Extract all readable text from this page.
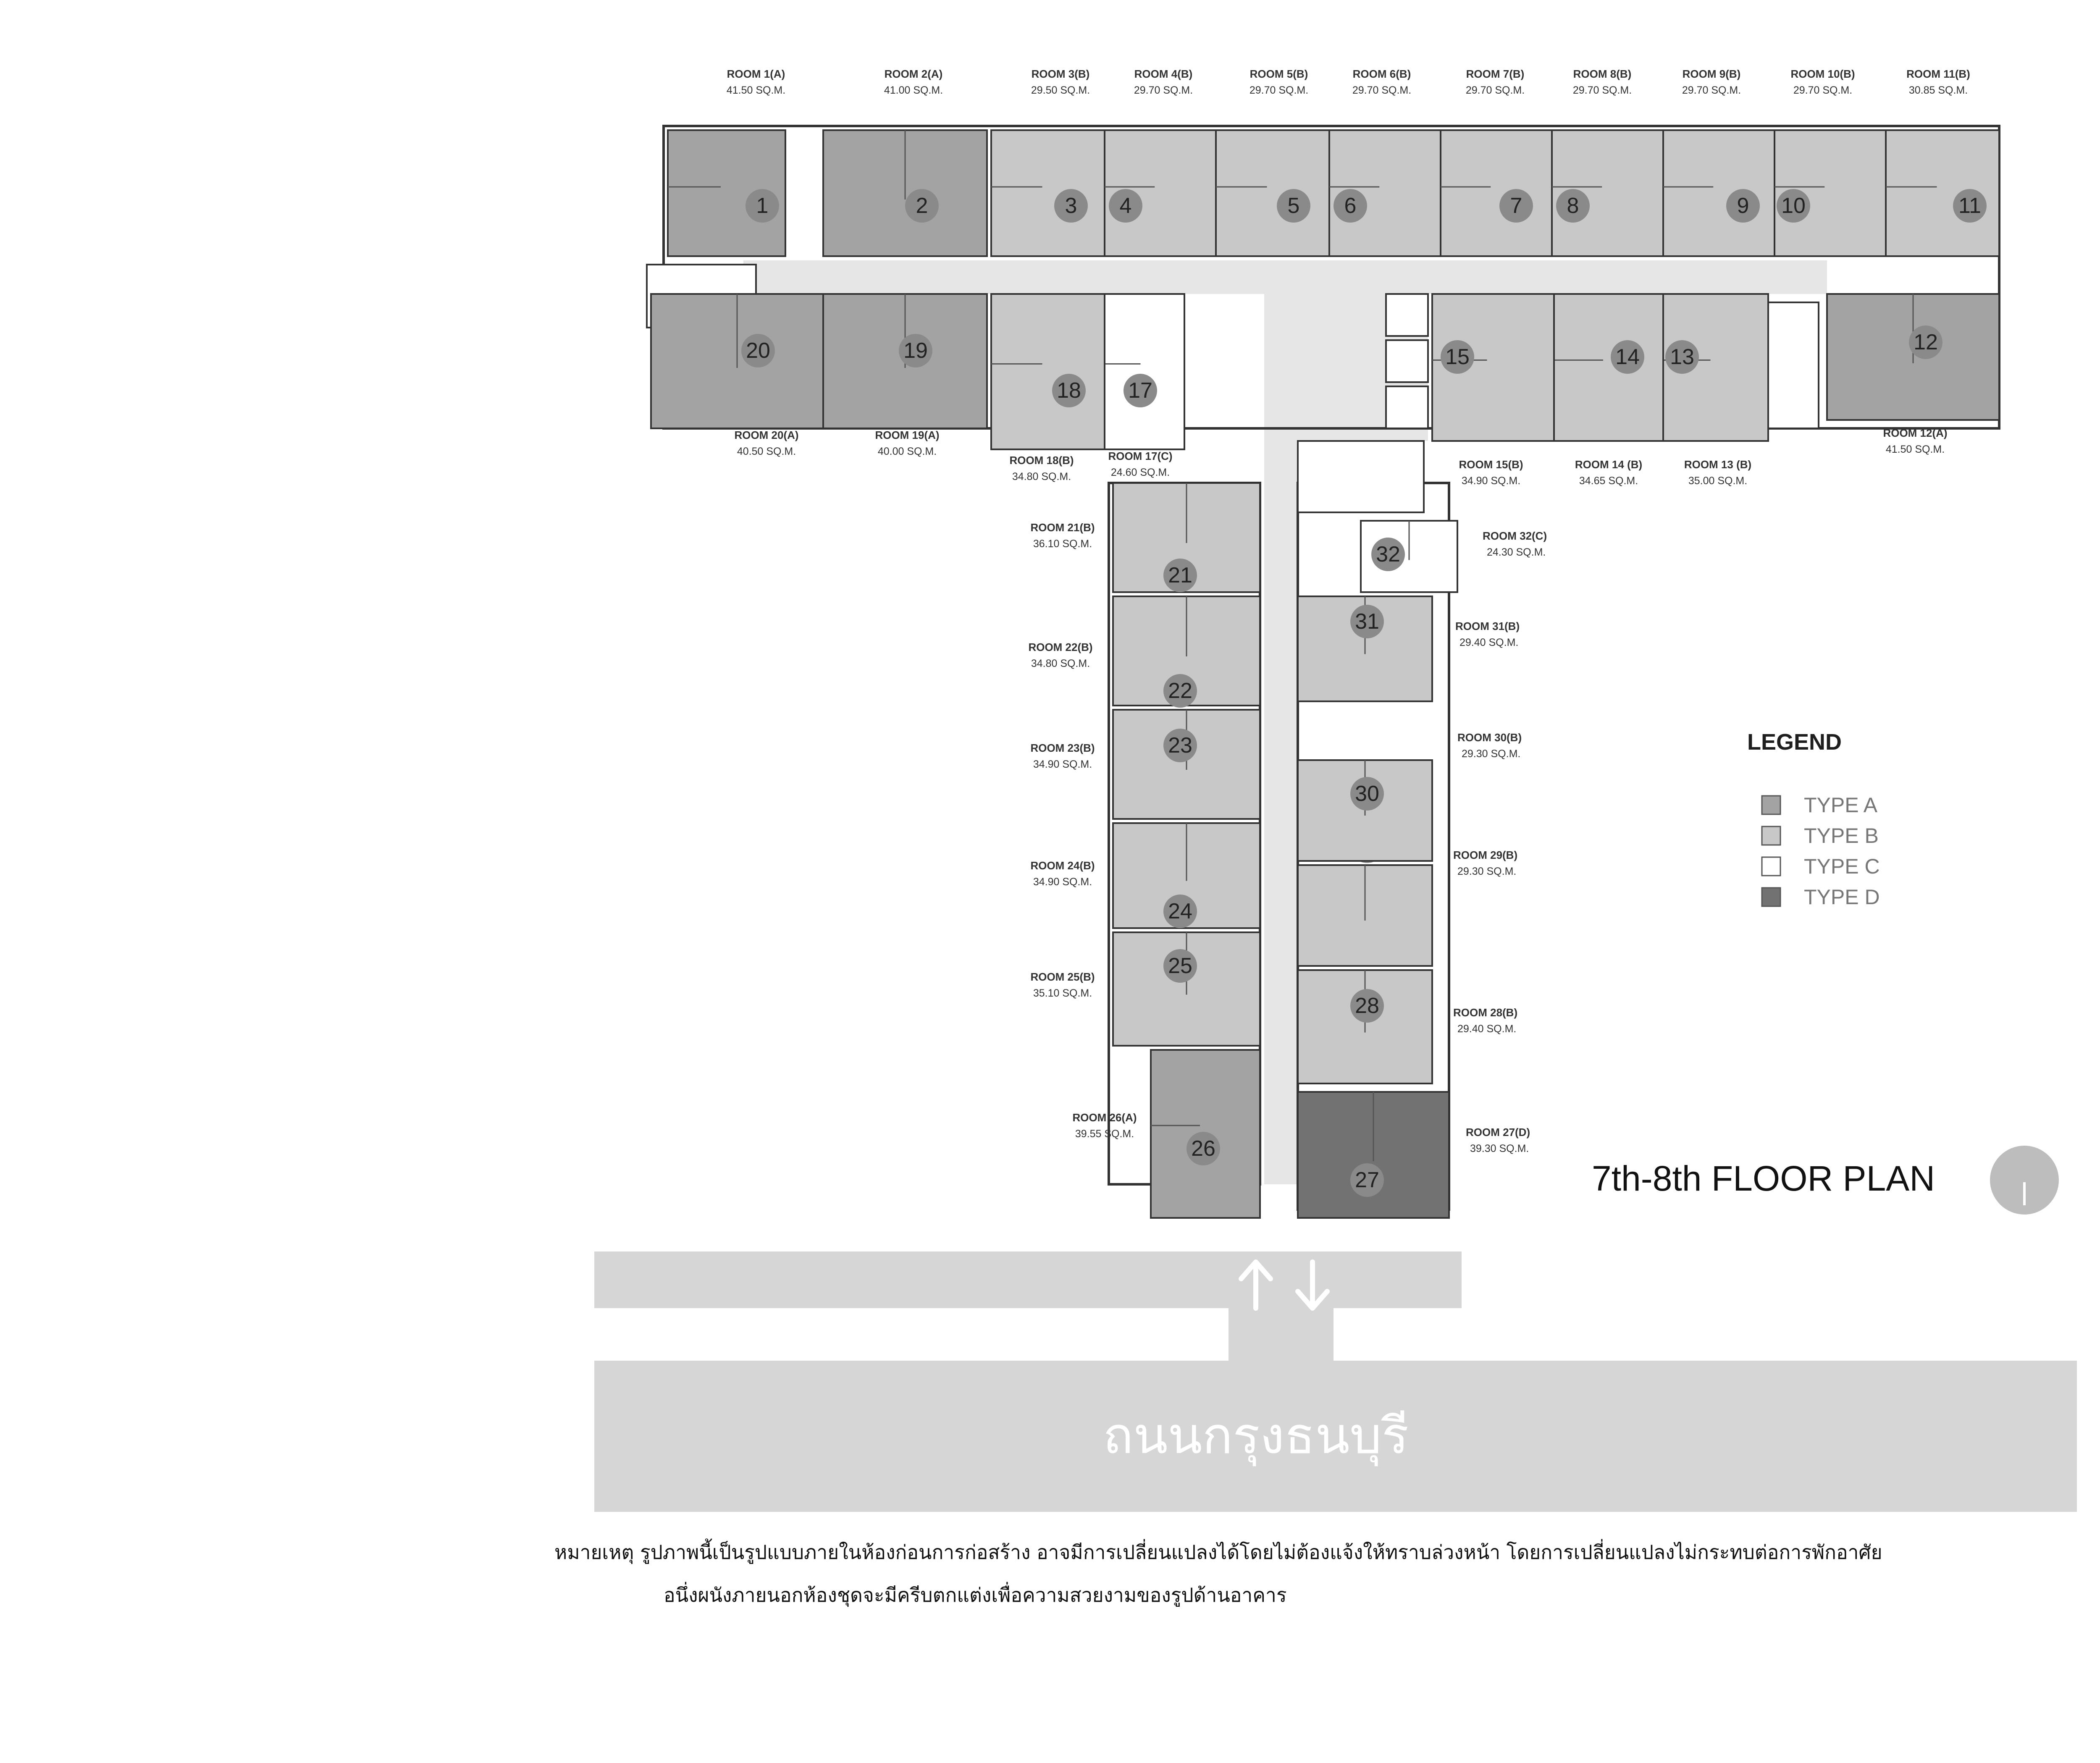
1	2	3 4	5 6	7 8	9 10	11
12
13
14
15
17
18
19
20
21
22
23
24
25
26
27
28
30
31
32
ROOM 1(A)
41.50 SQ.M.
ROOM 2(A)
41.00 SQ.M.
ROOM 3(B)
29.50 SQ.M.
ROOM 4(B)
29.70 SQ.M.
ROOM 5(B)
29.70 SQ.M.
ROOM 6(B)
29.70 SQ.M.
ROOM 7(B)
29.70 SQ.M.
ROOM 8(B)
29.70 SQ.M.
ROOM 9(B)
29.70 SQ.M.
ROOM 10(B)
29.70 SQ.M.
ROOM 11(B)
30.85 SQ.M.
ROOM 12(A)
41.50 SQ.M.
ROOM 13 (B)
35.00 SQ.M.
ROOM 14 (B)
34.65 SQ.M.
ROOM 15(B)
34.90 SQ.M.
ROOM 17(C)
24.60 SQ.M.
ROOM 18(B)
34.80 SQ.M.
ROOM 19(A)
40.00 SQ.M.
ROOM 20(A)
40.50 SQ.M.
ROOM 21(B)
36.10 SQ.M.
ROOM 22(B)
34.80 SQ.M.
ROOM 23(B)
34.90 SQ.M.
ROOM 24(B)
34.90 SQ.M.
ROOM 25(B)
35.10 SQ.M.
ROOM 26(A)
39.55 SQ.M.	ROOM 27(D)
39.30 SQ.M.
ROOM 28(B)
29.40 SQ.M.
ROOM 29(B)
29.30 SQ.M.
ROOM 30(B)
29.30 SQ.M.
ROOM 31(B)
29.40 SQ.M.
ROOM 32(C)
24.30 SQ.M.
LEGEND
TYPE A
TYPE B
TYPE C
TYPE D
7th-8th FLOOR PLAN
ถนนกรุงธนบุรี
หมายเหตุ รูปภาพนี้เป็นรูปแบบภายในห้องก่อนการก่อสร้าง อาจมีการเปลี่ยนแปลงได้โดยไม่ต้องแจ้งให้ทราบล่วงหน้า โดยการเปลี่ยนแปลงไม่กระทบต่อการพักอาศัย
อนึ่งผนังภายนอกห้องชุดจะมีครีบตกแต่งเพื่อความสวยงามของรูปด้านอาคาร
